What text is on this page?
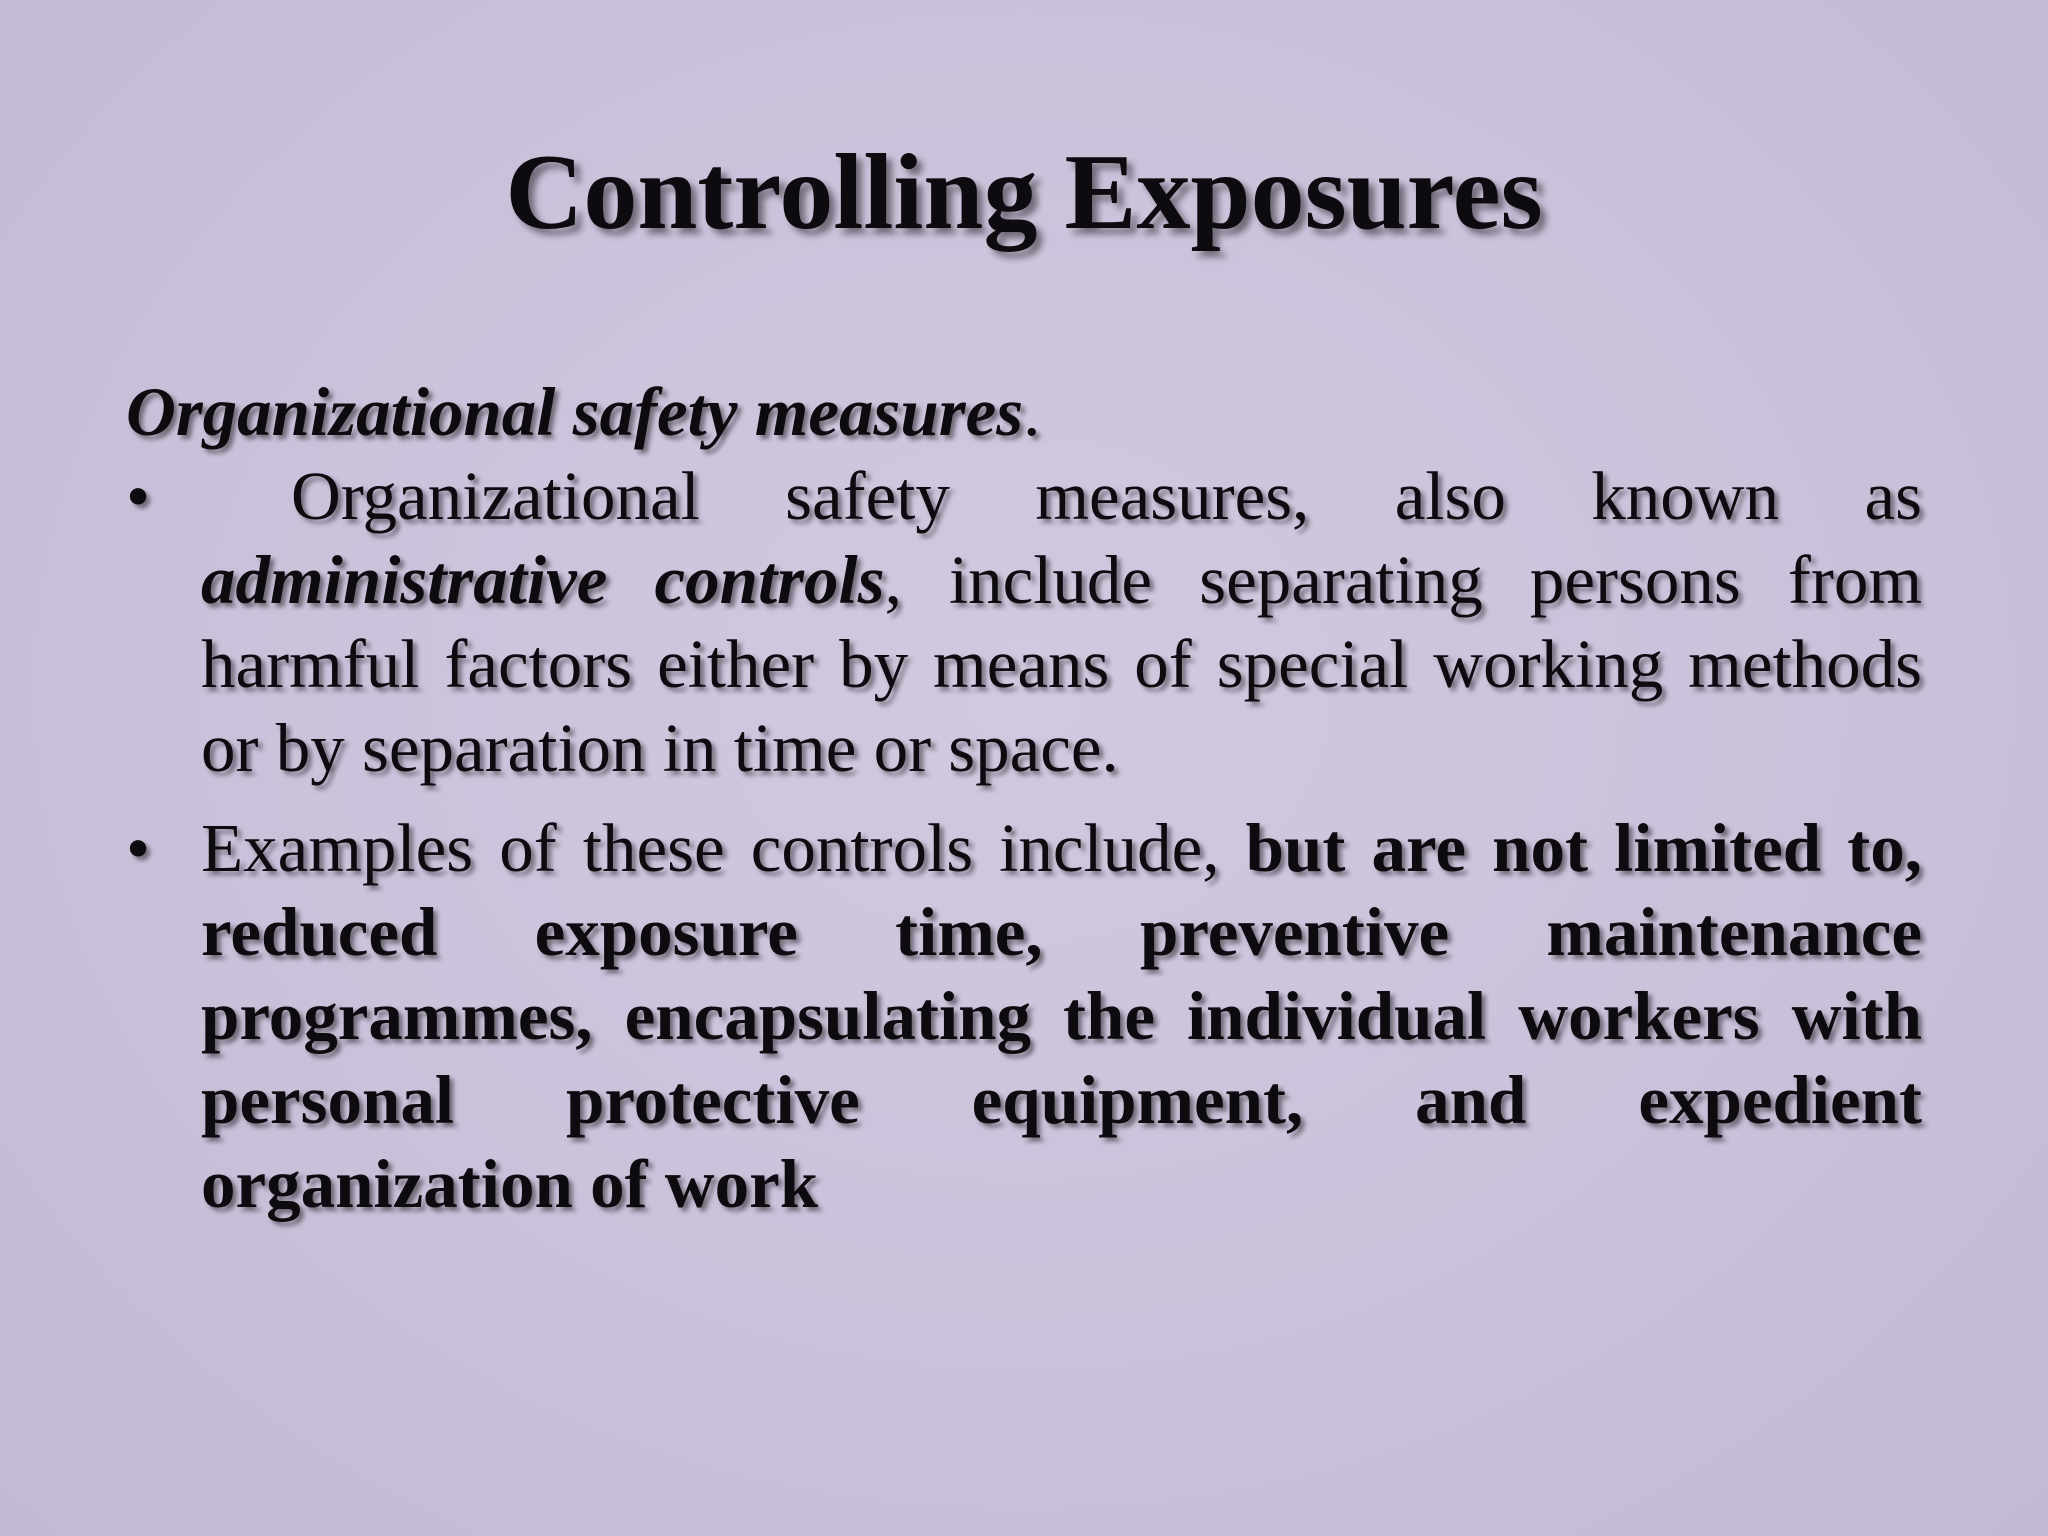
Controlling Exposures

Organizational safety measures.

• Organizational safety measures, also known as administrative controls, include separating persons from harmful factors either by means of special working methods or by separation in time or space.
• Examples of these controls include, but are not limited to, reduced exposure time, preventive maintenance programmes, encapsulating the individual workers with personal protective equipment, and expedient organization of work
